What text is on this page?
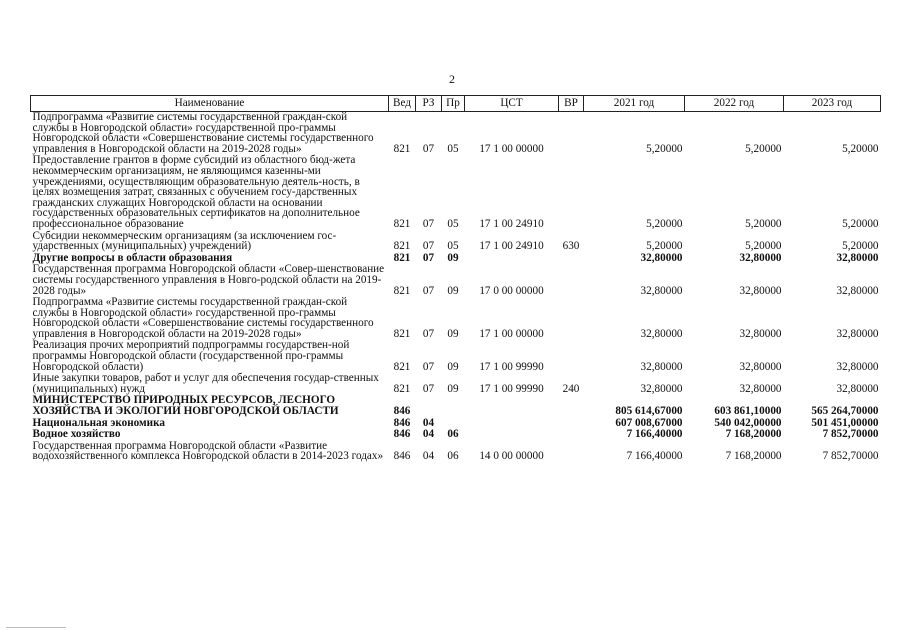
2
Наименование	Вед	РЗ	Пр	ЦСТ	ВР	2021 год	2022 год	2023 год
Подпрограмма «Развитие системы государственной граждан-ской службы в Новгородской области» государственной про-граммы Новгородской области «Совершенствование системы государственного управления в Новгородской области на 2019-2028 годы»	821	07	05	17 1 00 00000		5,20000	5,20000	5,20000
Предоставление грантов в форме субсидий из областного бюд-жета некоммерческим организациям, не являющимся казенны-ми учреждениями, осуществляющим образовательную деятель-ность, в целях возмещения затрат, связанных с обучением госу-дарственных гражданских служащих Новгородской области на основании государственных образовательных сертификатов на дополнительное профессиональное образование	821	07	05	17 1 00 24910		5,20000	5,20000	5,20000
Субсидии некоммерческим организациям (за исключением гос-ударственных (муниципальных) учреждений)	821	07	05	17 1 00 24910	630	5,20000	5,20000	5,20000
Другие вопросы в области образования	821	07	09			32,80000	32,80000	32,80000
Государственная программа Новгородской области «Совер-шенствование системы государственного управления в Новго-родской области на 2019-2028 годы»	821	07	09	17 0 00 00000		32,80000	32,80000	32,80000
Подпрограмма «Развитие системы государственной граждан-ской службы в Новгородской области» государственной про-граммы Новгородской области «Совершенствование системы государственного управления в Новгородской области на 2019-2028 годы»	821	07	09	17 1 00 00000		32,80000	32,80000	32,80000
Реализация прочих мероприятий подпрограммы государствен-ной программы Новгородской области (государственной про-граммы Новгородской области)	821	07	09	17 1 00 99990		32,80000	32,80000	32,80000
Иные закупки товаров, работ и услуг для обеспечения государ-ственных (муниципальных) нужд	821	07	09	17 1 00 99990	240	32,80000	32,80000	32,80000
МИНИСТЕРСТВО ПРИРОДНЫХ РЕСУРСОВ, ЛЕСНОГО ХОЗЯЙСТВА И ЭКОЛОГИИ НОВГОРОДСКОЙ ОБЛАСТИ	846					805 614,67000	603 861,10000	565 264,70000
Национальная экономика	846	04				607 008,67000	540 042,00000	501 451,00000
Водное хозяйство	846	04	06			7 166,40000	7 168,20000	7 852,70000
Государственная программа Новгородской области «Развитие водохозяйственного комплекса Новгородской области в 2014-2023 годах»	846	04	06	14 0 00 00000		7 166,40000	7 168,20000	7 852,70000
